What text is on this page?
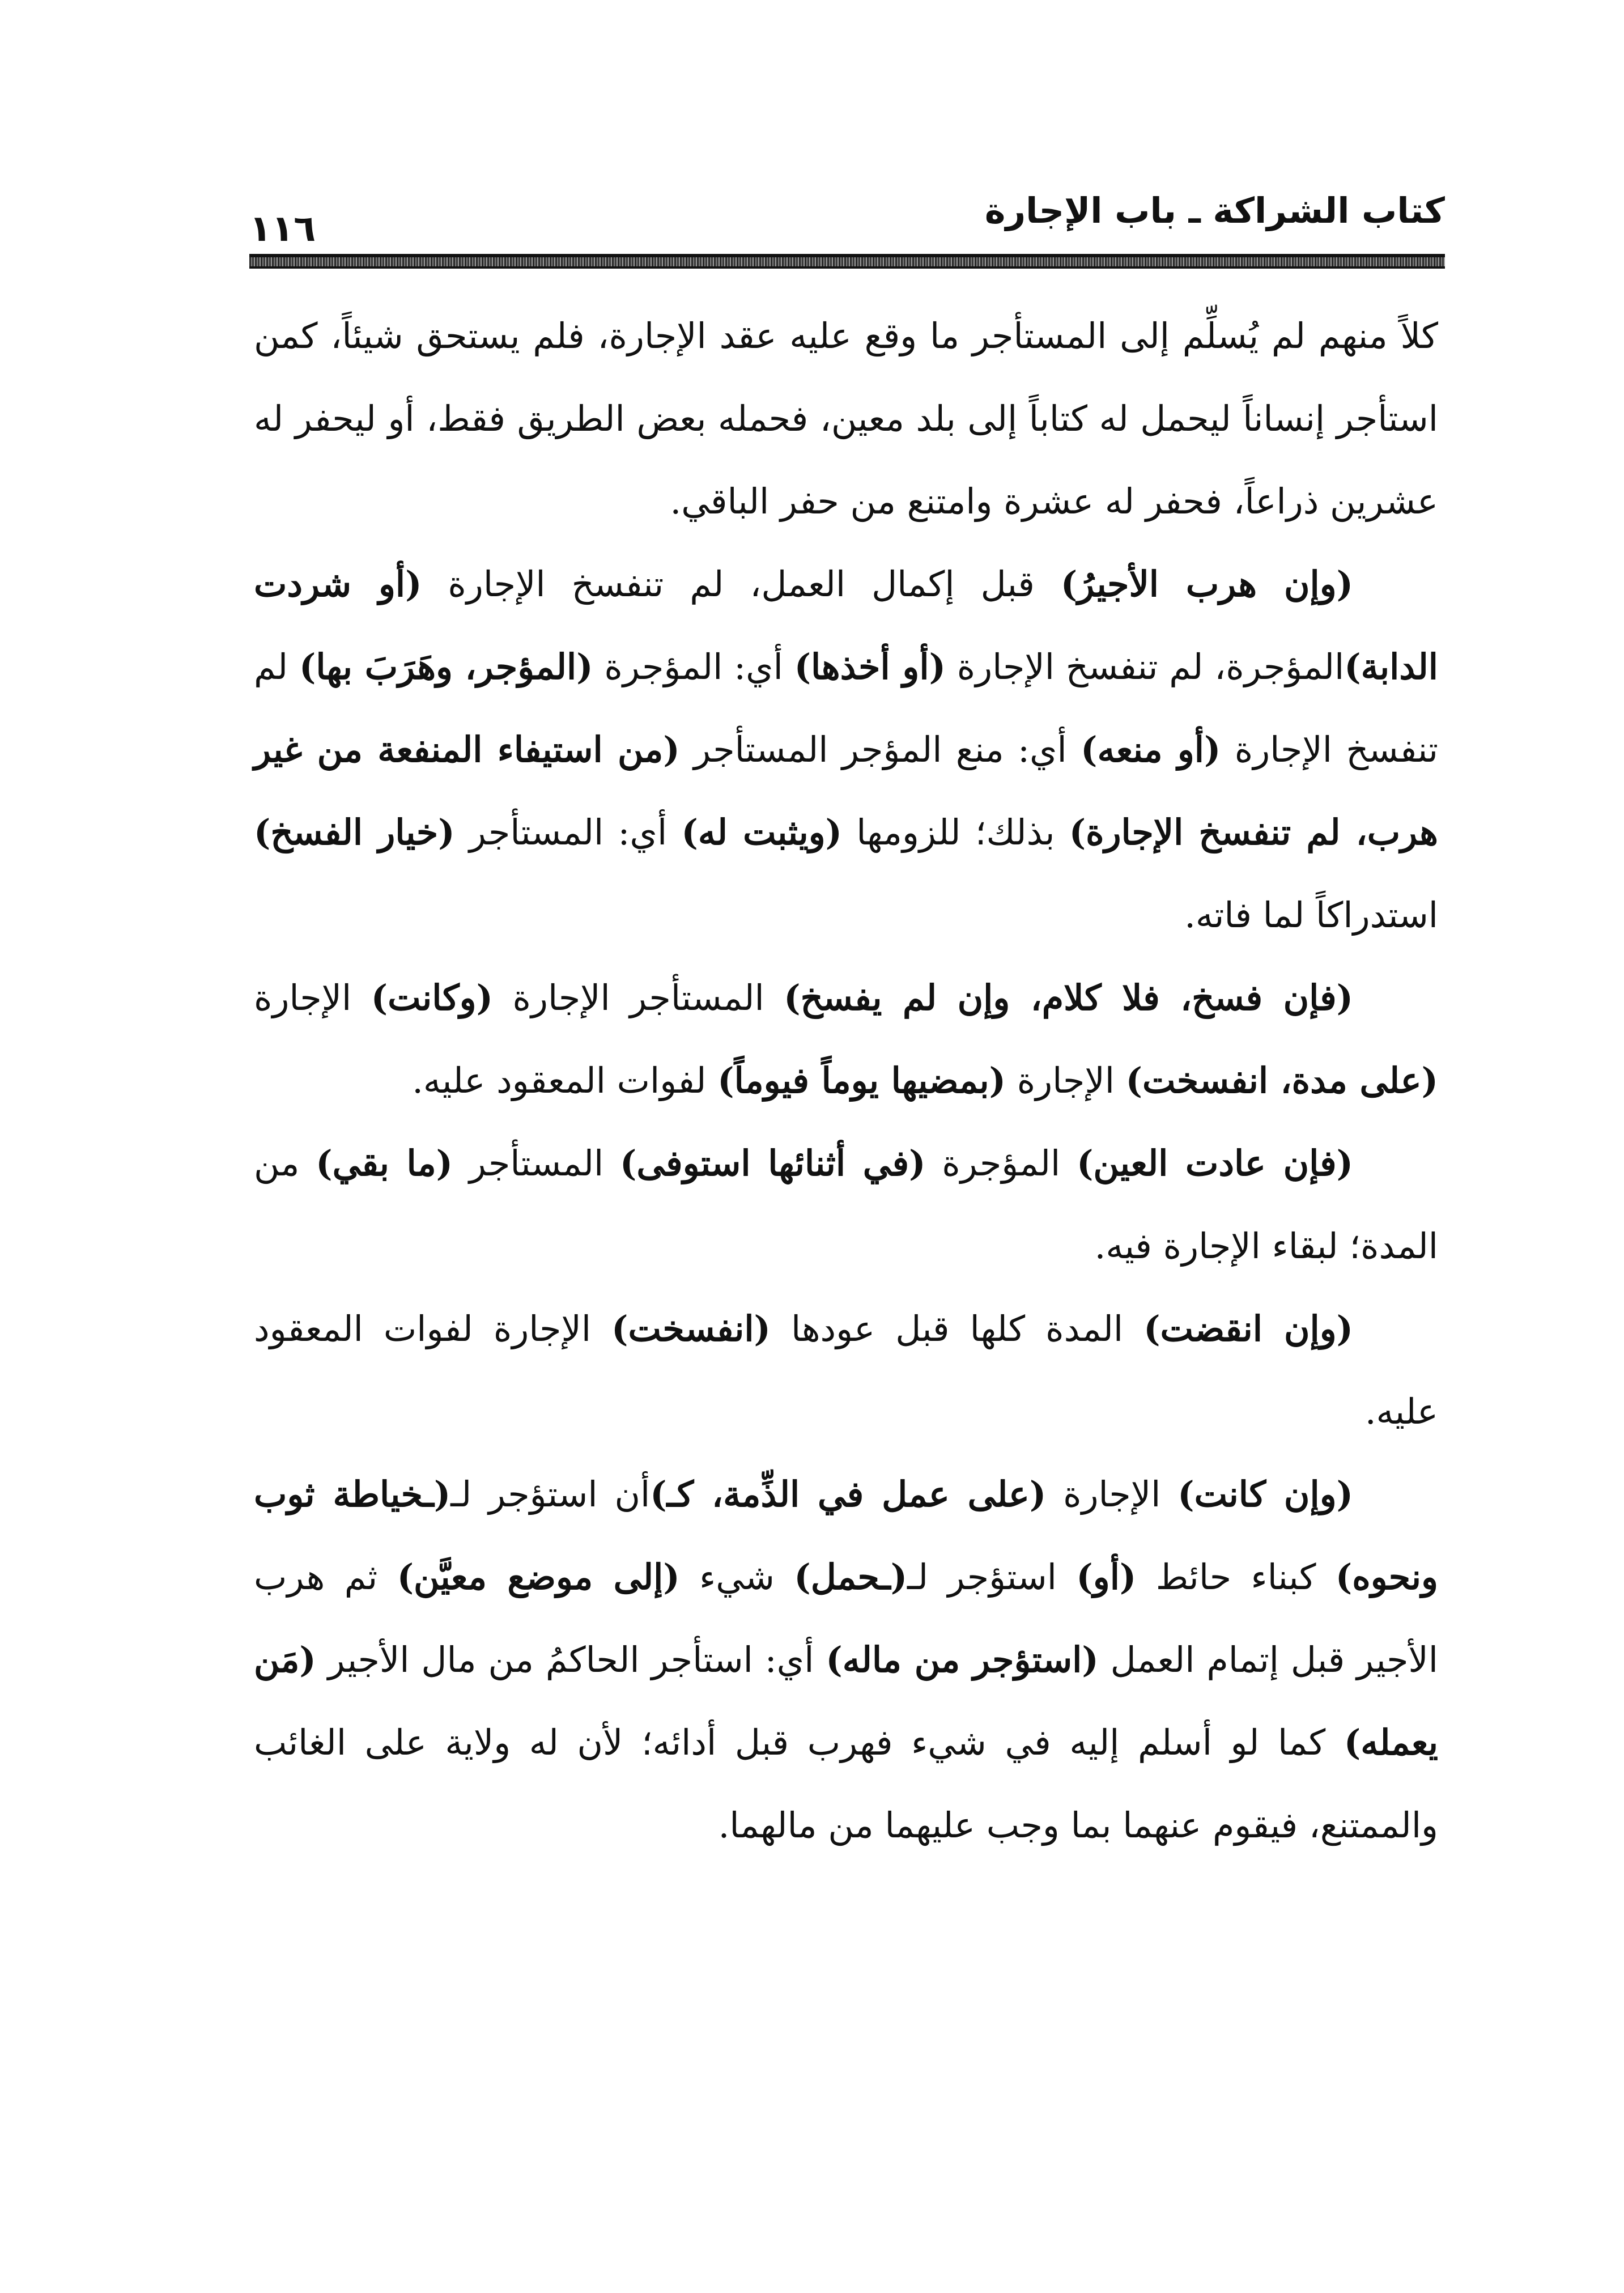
كتاب الشراكة ـ باب الإجارة
١١٦

كلاً منهم لم يُسلِّم إلى المستأجر ما وقع عليه عقد الإجارة، فلم يستحق شيئاً، كمن استأجر إنساناً ليحمل له كتاباً إلى بلد معين، فحمله بعض الطريق فقط، أو ليحفر له عشرين ذراعاً، فحفر له عشرة وامتنع من حفر الباقي.

(وإن هرب الأجيرُ) قبل إكمال العمل، لم تنفسخ الإجارة (أو شردت الدابة)المؤجرة، لم تنفسخ الإجارة (أو أخذها) أي: المؤجرة (المؤجر، وهَرَبَ بها) لم تنفسخ الإجارة (أو منعه) أي: منع المؤجر المستأجر (من استيفاء المنفعة من غير هرب، لم تنفسخ الإجارة) بذلك؛ للزومها (ويثبت له) أي: المستأجر (خيار الفسخ) استدراكاً لما فاته.

(فإن فسخ، فلا كلام، وإن لم يفسخ) المستأجر الإجارة (وكانت) الإجارة (على مدة، انفسخت) الإجارة (بمضيها يوماً فيوماً) لفوات المعقود عليه.

(فإن عادت العين) المؤجرة (في أثنائها استوفى) المستأجر (ما بقي) من المدة؛ لبقاء الإجارة فيه.

(وإن انقضت) المدة كلها قبل عودها (انفسخت) الإجارة لفوات المعقود عليه.

(وإن كانت) الإجارة (على عمل في الذِّمة، كـ)أن استؤجر لـ(ـخياطة ثوب ونحوه) كبناء حائط (أو) استؤجر لـ(ـحمل) شيء (إلى موضع معيَّن) ثم هرب الأجير قبل إتمام العمل (استؤجر من ماله) أي: استأجر الحاكمُ من مال الأجير (مَن يعمله) كما لو أسلم إليه في شيء فهرب قبل أدائه؛ لأن له ولاية على الغائب والممتنع، فيقوم عنهما بما وجب عليهما من مالهما.
